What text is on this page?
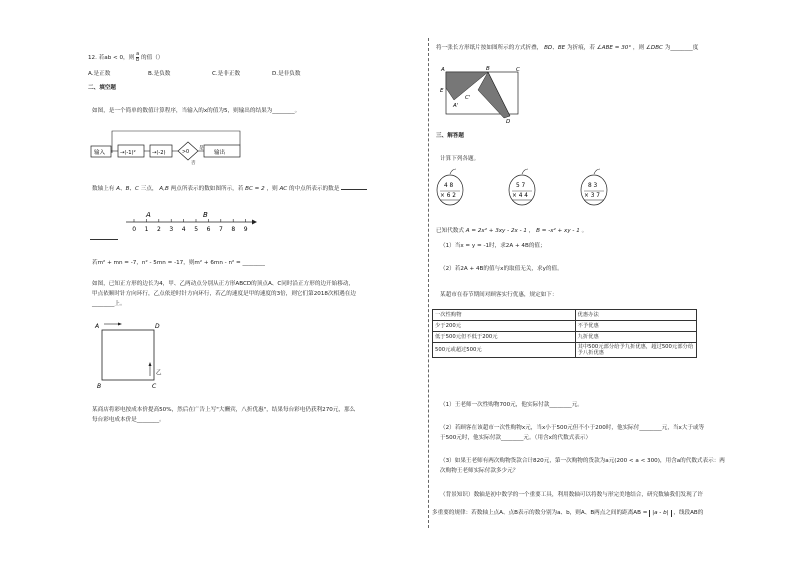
12. 若ab < 0，则 $\frac{a}{b}$ 的值（）
A.是正数	B.是负数	C.是非正数	D.是非负数
二、填空题
如图，是一个简单的数值计算程序，当输入的x的值为5，则输出的结果为________。
输入	→(-1)²	→(-2)	>0
是
否
输出
数轴上有 A、B、C 三点， A,B 两点所表示的数如图所示，若 BC = 2 ，则 AC 的中点所表示的数是
0 1 2 3 4 5 6 7 8 9
A	B
若m² + mn = -7，n² - 5mn = -17，则m² + 6mn - n² = ________
如图，已知正方形的边长为4，甲、乙两动点分别从正方形ABCD的顶点A、C同时沿正方形的边开始移动，
甲点依顺时针方向环行，乙点依逆时针方向环行，若乙的速度是甲的速度的3倍，则它们第2018次相遇在边
________上。
A	D
B	C
乙
某商店将彩电按成本价提高50%，然后在广告上写"大酬宾，八折优惠"，结果每台彩电仍获利270元，那么
每台彩电成本价是________。
将一张长方形纸片按如图所示的方式折叠， BD、BE 为折痕，若 ∠ABE = 30° ，则 ∠DBC 为________度
A	B	C
E
A'
C'
D
三、解答题
计算下列各题。
4 8
× 6 2
5 7
× 4 4
8 3
× 3 7
已知代数式 A = 2x² + 3xy - 2x - 1 ， B = -x² + xy - 1 。
（1）当x = y = -1时，求2A + 4B的值；
（2）若2A + 4B的值与x的取值无关，求y的值。
某超市在春节期间对顾客实行优惠，规定如下：
一次性购物	优惠办法
少于200元	不予优惠
低于500元但不低于200元	九折优惠
500元或超过500元	其中500元部分给予九折优惠，超过500元部分给予八折优惠
（1）王老师一次性购物700元，他实际付款________元。
（2）若顾客在该超市一次性购物x元，当x小于500元但不小于200时，他实际付________元，当x大于或等
于500元时，他实际付款________元。（用含x的代数式表示）
（3）如果王老师有两次购物货款合计820元，第一次购物的货款为a元(200 < a < 300)，用含a的代数式表示：两
次购物王老师实际付款多少元？
（背景知识）数轴是初中数学的一个重要工具，利用数轴可以将数与形完美地结合，研究数轴我们发现了许
多重要的规律：若数轴上点A、点B表示的数分别为a、b，则A、B两点之间的距离AB = |a - b| ，线段AB的
